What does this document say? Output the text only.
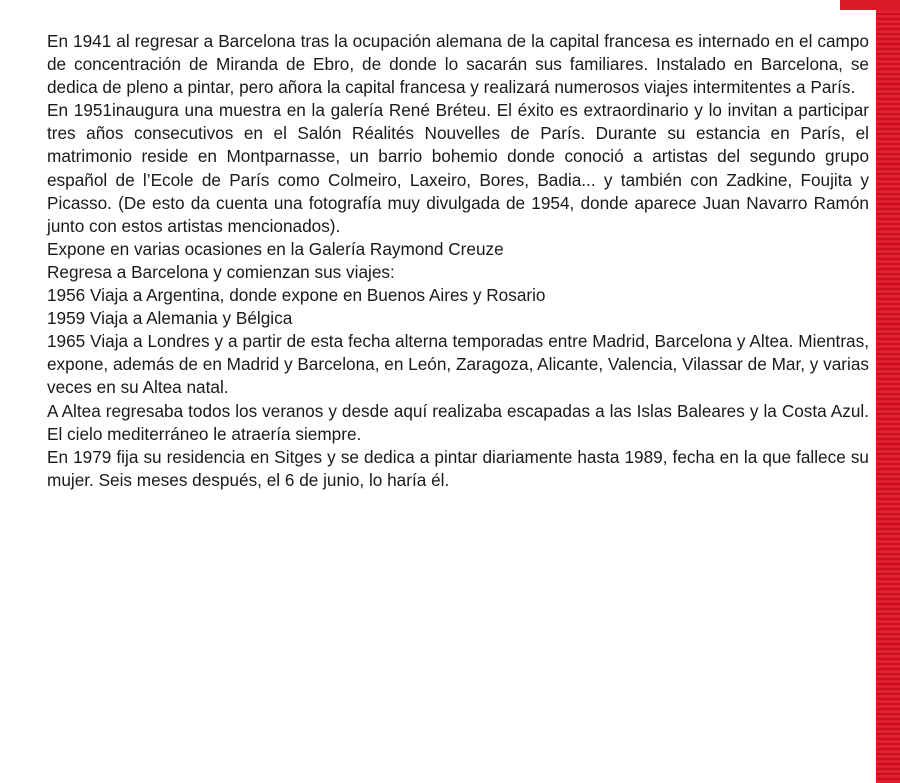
En 1941 al regresar a Barcelona tras la ocupación alemana de la capital francesa es internado en el campo de concentración de Miranda de Ebro, de donde lo sacarán sus familiares. Instalado en Barcelona, se dedica de pleno a pintar, pero añora la capital francesa y realizará numerosos viajes intermitentes a París.

En 1951inaugura una muestra en la galería René Bréteu. El éxito es extraordinario y lo invitan a participar tres años consecutivos en el Salón Réalités Nouvelles de París. Durante su estancia en París, el matrimonio reside en Montparnasse, un barrio bohemio donde conoció a artistas del segundo grupo español de l’Ecole de París como Colmeiro, Laxeiro, Bores, Badia... y también con Zadkine, Foujita y Picasso. (De esto da cuenta una fotografía muy divulgada de 1954, donde aparece Juan Navarro Ramón junto con estos artistas mencionados).

Expone en varias ocasiones en la Galería Raymond Creuze

Regresa a Barcelona y comienzan sus viajes:

1956 Viaja a Argentina, donde expone en Buenos Aires y Rosario

1959 Viaja a Alemania y Bélgica

1965 Viaja a Londres y a partir de esta fecha alterna temporadas entre Madrid, Barcelona y Altea. Mientras, expone, además de en Madrid y Barcelona, en León, Zaragoza, Alicante, Valencia, Vilassar de Mar, y varias veces en su Altea natal.

A Altea regresaba todos los veranos y desde aquí realizaba escapadas a las Islas Baleares y la Costa Azul. El cielo mediterráneo le atraería siempre.

En 1979 fija su residencia en Sitges y se dedica a pintar diariamente hasta 1989, fecha en la que fallece su mujer. Seis meses después, el 6 de junio, lo haría él.
